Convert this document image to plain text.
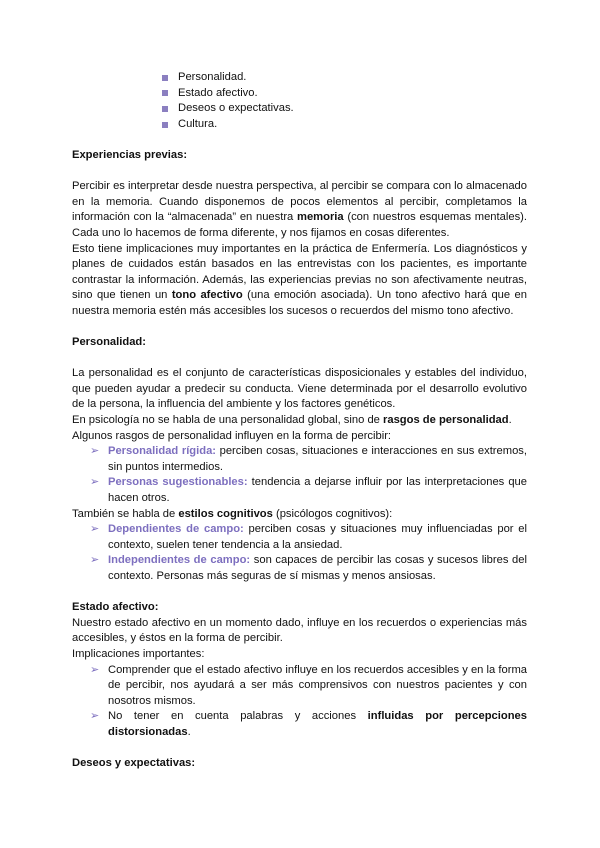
Personalidad.
Estado afectivo.
Deseos o expectativas.
Cultura.
Experiencias previas:

Percibir es interpretar desde nuestra perspectiva, al percibir se compara con lo almacenado en la memoria. Cuando disponemos de pocos elementos al percibir, completamos la información con la “almacenada” en nuestra memoria (con nuestros esquemas mentales). Cada uno lo hacemos de forma diferente, y nos fijamos en cosas diferentes.

Esto tiene implicaciones muy importantes en la práctica de Enfermería. Los diagnósticos y planes de cuidados están basados en las entrevistas con los pacientes, es importante contrastar la información. Además, las experiencias previas no son afectivamente neutras, sino que tienen un tono afectivo (una emoción asociada). Un tono afectivo hará que en nuestra memoria estén más accesibles los sucesos o recuerdos del mismo tono afectivo.

Personalidad:

La personalidad es el conjunto de características disposicionales y estables del individuo, que pueden ayudar a predecir su conducta. Viene determinada por el desarrollo evolutivo de la persona, la influencia del ambiente y los factores genéticos.

En psicología no se habla de una personalidad global, sino de rasgos de personalidad.

Algunos rasgos de personalidad influyen en la forma de percibir:

➢ Personalidad rígida: perciben cosas, situaciones e interacciones en sus extremos, sin puntos intermedios.
➢ Personas sugestionables: tendencia a dejarse influir por las interpretaciones que hacen otros.

También se habla de estilos cognitivos (psicólogos cognitivos):

➢ Dependientes de campo: perciben cosas y situaciones muy influenciadas por el contexto, suelen tener tendencia a la ansiedad.
➢ Independientes de campo: son capaces de percibir las cosas y sucesos libres del contexto. Personas más seguras de sí mismas y menos ansiosas.
Estado afectivo:

Nuestro estado afectivo en un momento dado, influye en los recuerdos o experiencias más accesibles, y éstos en la forma de percibir.

Implicaciones importantes:

➢ Comprender que el estado afectivo influye en los recuerdos accesibles y en la forma de percibir, nos ayudará a ser más comprensivos con nuestros pacientes y con nosotros mismos.
➢ No tener en cuenta palabras y acciones influidas por percepciones distorsionadas.
Deseos y expectativas:
